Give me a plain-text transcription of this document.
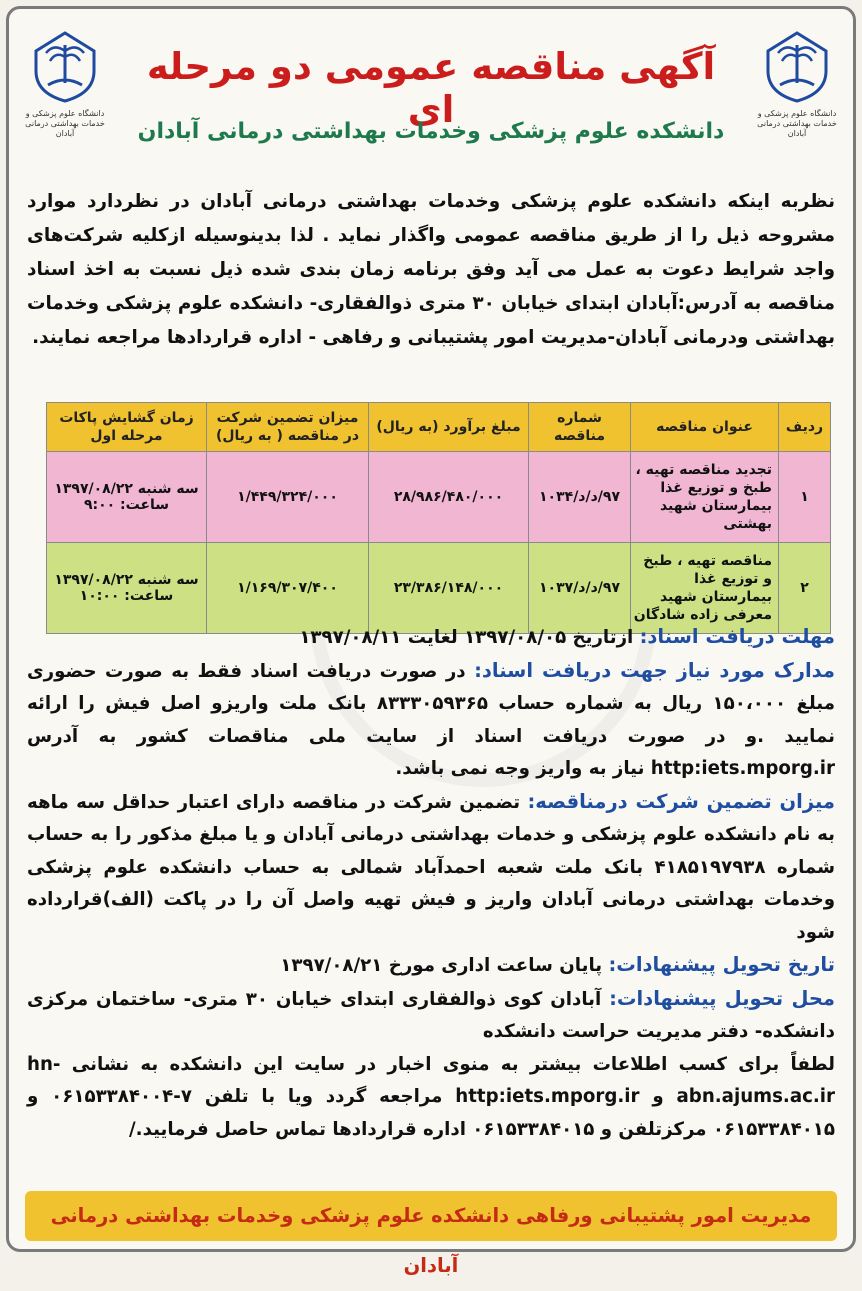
دانشگاه علوم پزشکی و خدمات بهداشتی درمانی آبادان
دانشگاه علوم پزشکی و خدمات بهداشتی درمانی آبادان
آگهی مناقصه عمومی دو مرحله ای
دانشکده علوم پزشکی وخدمات بهداشتی درمانی آبادان
نظربه اینکه دانشکده علوم پزشکی وخدمات بهداشتی درمانی آبادان در نظردارد موارد مشروحه ذیل را از طریق مناقصه عمومی واگذار نماید . لذا بدینوسیله ازکلیه شرکت‌های واجد شرایط دعوت به عمل می آید وفق برنامه زمان بندی شده ذیل نسبت به اخذ اسناد مناقصه به آدرس:آبادان ابتدای خیابان ۳۰ متری ذوالفقاری- دانشکده علوم پزشکی وخدمات بهداشتی ودرمانی آبادان-مدیریت امور پشتیبانی و رفاهی - اداره قراردادها مراجعه نمایند.
ردیف	عنوان مناقصه	شماره مناقصه	مبلغ برآورد (به ریال)	میزان تضمین شرکت در مناقصه ( به ریال)	زمان گشایش پاکات مرحله اول
۱	تجدید مناقصه تهیه ، طبخ و توزیع غذا بیمارستان شهید بهشتی	۹۷/د/د/۱۰۳۴	۲۸/۹۸۶/۴۸۰/۰۰۰	۱/۴۴۹/۳۲۴/۰۰۰	سه شنبه ۱۳۹۷/۰۸/۲۲ ساعت: ۹:۰۰
۲	مناقصه تهیه ، طبخ و توزیع غذا بیمارستان شهید معرفی زاده شادگان	۹۷/د/د/۱۰۳۷	۲۳/۳۸۶/۱۴۸/۰۰۰	۱/۱۶۹/۳۰۷/۴۰۰	سه شنبه ۱۳۹۷/۰۸/۲۲ ساعت: ۱۰:۰۰
مهلت دریافت اسناد: ازتاریخ ۱۳۹۷/۰۸/۰۵ لغایت ۱۳۹۷/۰۸/۱۱
مدارک مورد نیاز جهت دریافت اسناد: در صورت دریافت اسناد فقط به صورت حضوری مبلغ ۱۵۰،۰۰۰ ریال به شماره حساب ۸۳۳۳۰۵۹۳۶۵ بانک ملت واریزو اصل فیش را ارائه نمایید .و در صورت دریافت اسناد از سایت ملی مناقصات کشور به آدرس http:iets.mporg.ir نیاز به واریز وجه نمی باشد.
میزان تضمین شرکت درمناقصه: تضمین شرکت در مناقصه دارای اعتبار حداقل سه ماهه به نام دانشکده علوم پزشکی و خدمات بهداشتی درمانی آبادان و یا مبلغ مذکور را به حساب شماره ۴۱۸۵۱۹۷۹۳۸ بانک ملت شعبه احمدآباد شمالی به حساب دانشکده علوم پزشکی وخدمات بهداشتی درمانی آبادان واریز و فیش تهیه واصل آن را در پاکت (الف)قرارداده شود
تاریخ تحویل پیشنهادات: پایان ساعت اداری مورخ ۱۳۹۷/۰۸/۲۱
محل تحویل پیشنهادات: آبادان کوی ذوالفقاری ابتدای خیابان ۳۰ متری- ساختمان مرکزی دانشکده- دفتر مدیریت حراست دانشکده
لطفاً برای کسب اطلاعات بیشتر به منوی اخبار در سایت این دانشکده به نشانی hn-abn.ajums.ac.ir و http:iets.mporg.ir مراجعه گردد ویا با تلفن ۷-۰۶۱۵۳۳۸۴۰۰۴ و ۰۶۱۵۳۳۸۴۰۱۵ مرکزتلفن و ۰۶۱۵۳۳۸۴۰۱۵ اداره قراردادها تماس حاصل فرمایید./
مدیریت امور پشتیبانی ورفاهی دانشکده علوم پزشکی وخدمات بهداشتی درمانی آبادان
